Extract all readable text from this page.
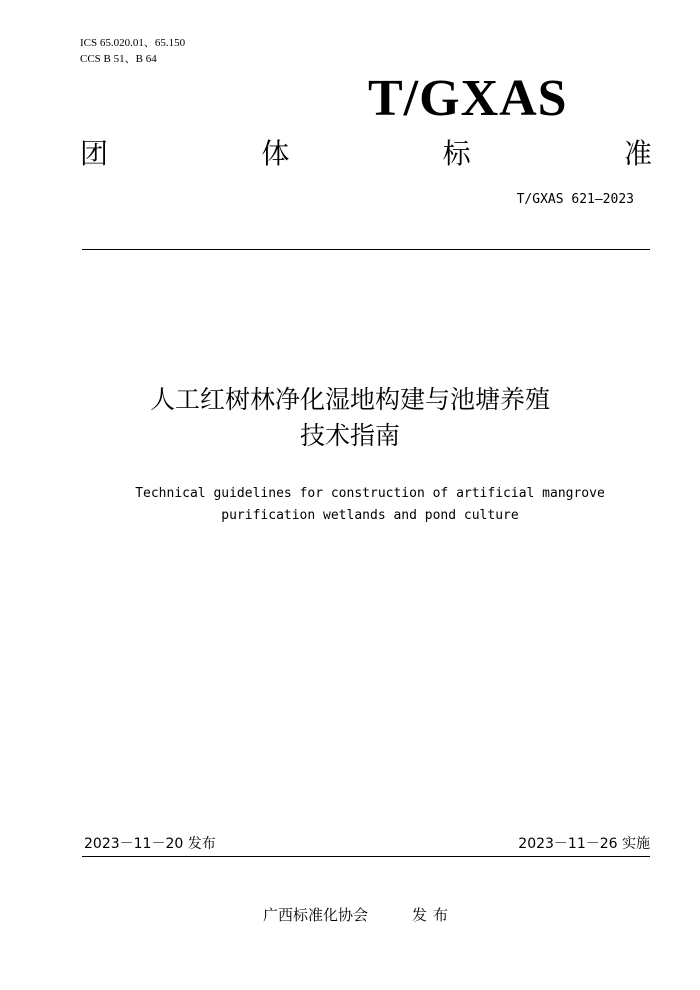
ICS 65.020.01、65.150
CCS B 51、B 64
T/GXAS
团	体	标	准
T/GXAS 621—2023
人工红树林净化湿地构建与池塘养殖
技术指南
Technical guidelines for construction of artificial mangrove
purification wetlands and pond culture
2023－11－20 发布	2023－11－26 实施
广西标准化协会	发布
